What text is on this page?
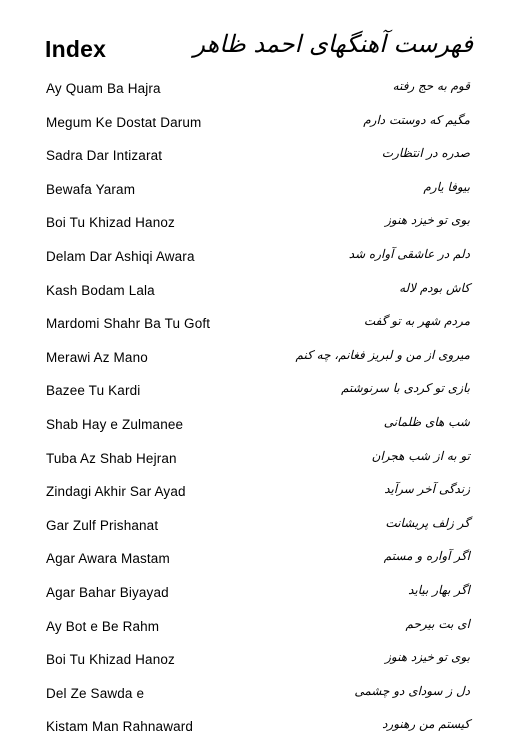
Index	فهرست آهنگهای احمد ظاهر
Ay Quam Ba Hajra	قوم به حج رفته
Megum Ke Dostat Darum	مگیم که دوستت دارم
Sadra Dar Intizarat	صدره در انتظارت
Bewafa Yaram	بیوفا یارم
Boi Tu Khizad Hanoz	بوی تو خیزد هنوز
Delam Dar Ashiqi Awara	دلم در عاشقی آواره شد
Kash Bodam Lala	کاش بودم لاله
Mardomi Shahr Ba Tu Goft	مردم شهر به تو گفت
Merawi Az Mano	میروی از من و لبریز فغانم، چه کنم
Bazee Tu Kardi	بازی تو کردی با سرنوشتم
Shab Hay e Zulmanee	شب های ظلمانی
Tuba Az Shab Hejran	تو به از شب هجران
Zindagi Akhir Sar Ayad	زندگی آخر سرآید
Gar Zulf Prishanat	گر زلف پریشانت
Agar Awara Mastam	اگر آواره و مستم
Agar Bahar Biyayad	اگر بهار بیاید
Ay Bot e Be Rahm	ای بت بیرحم
Boi Tu Khizad Hanoz	بوی تو خیزد هنوز
Del Ze Sawda e	دل ز سودای دو چشمی
Kistam Man Rahnaward	کیستم من رهنورد
